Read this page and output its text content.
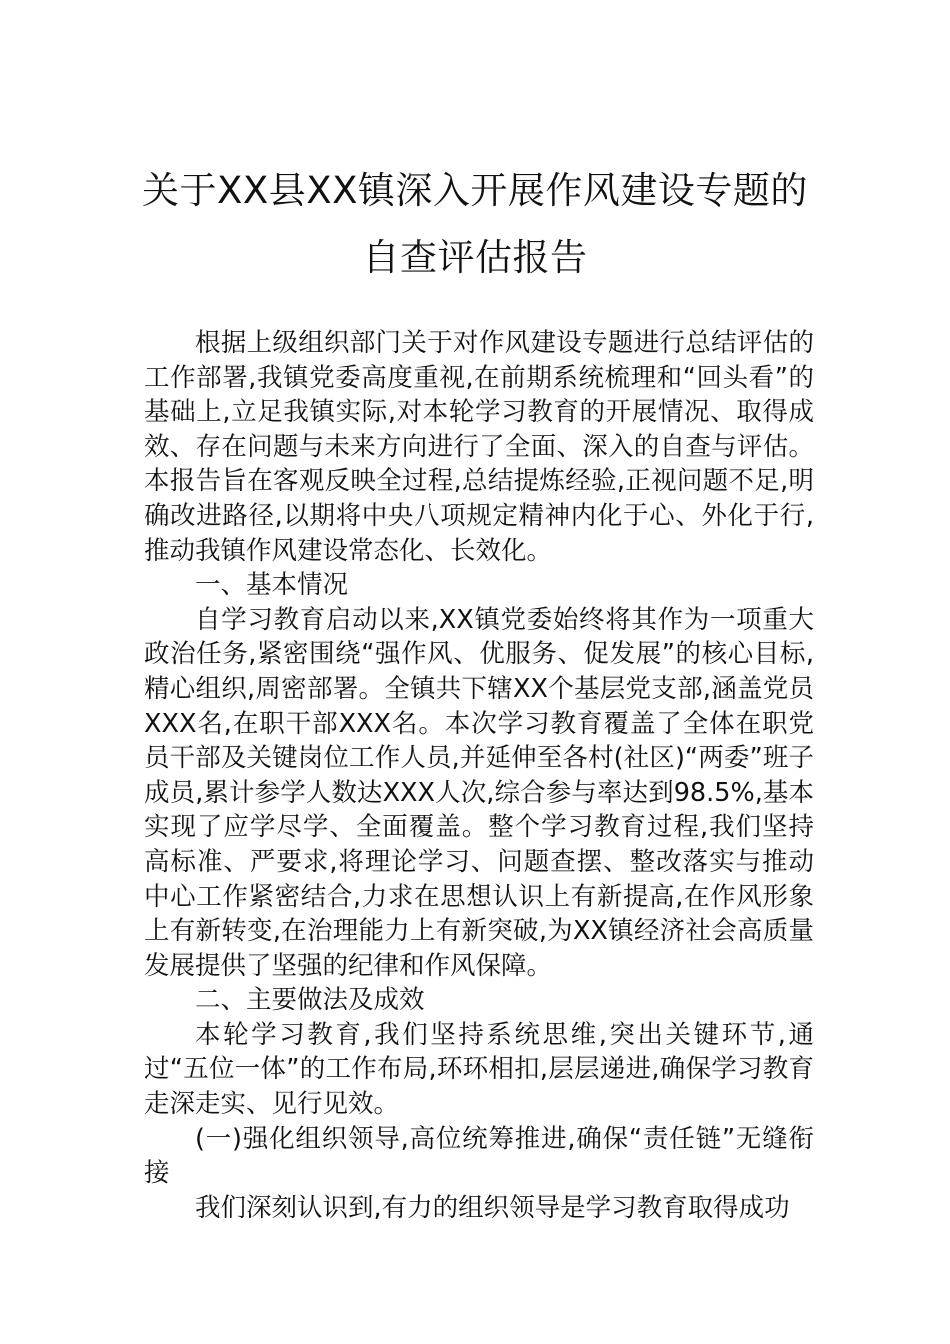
关于XX县XX镇深入开展作风建设专题的
自查评估报告

根据上级组织部门关于对作风建设专题进行总结评估的工作部署,我镇党委高度重视,在前期系统梳理和“回头看”的基础上,立足我镇实际,对本轮学习教育的开展情况、取得成效、存在问题与未来方向进行了全面、深入的自查与评估。本报告旨在客观反映全过程,总结提炼经验,正视问题不足,明确改进路径,以期将中央八项规定精神内化于心、外化于行,推动我镇作风建设常态化、长效化。

一、基本情况

自学习教育启动以来,XX镇党委始终将其作为一项重大政治任务,紧密围绕“强作风、优服务、促发展”的核心目标,精心组织,周密部署。全镇共下辖XX个基层党支部,涵盖党员XXX名,在职干部XXX名。本次学习教育覆盖了全体在职党员干部及关键岗位工作人员,并延伸至各村(社区)“两委”班子成员,累计参学人数达XXX人次,综合参与率达到98.5%,基本实现了应学尽学、全面覆盖。整个学习教育过程,我们坚持高标准、严要求,将理论学习、问题查摆、整改落实与推动中心工作紧密结合,力求在思想认识上有新提高,在作风形象上有新转变,在治理能力上有新突破,为XX镇经济社会高质量发展提供了坚强的纪律和作风保障。

二、主要做法及成效

本轮学习教育,我们坚持系统思维,突出关键环节,通过“五位一体”的工作布局,环环相扣,层层递进,确保学习教育走深走实、见行见效。

(一)强化组织领导,高位统筹推进,确保“责任链”无缝衔接

我们深刻认识到,有力的组织领导是学习教育取得成功
